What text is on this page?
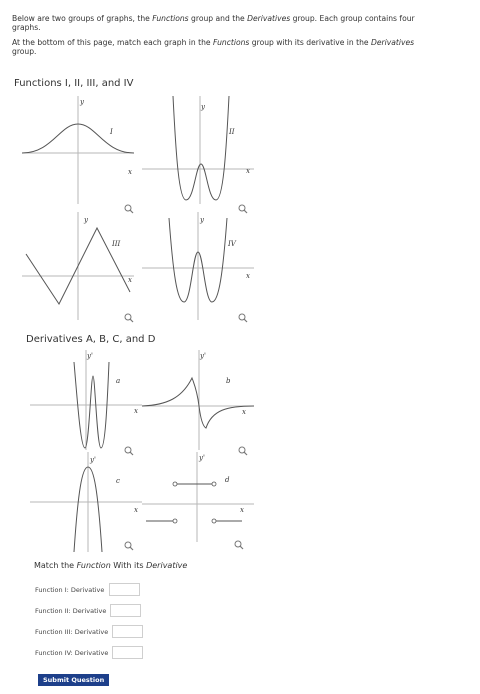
Below are two groups of graphs, the Functions group and the Derivatives group. Each group contains four graphs.

At the bottom of this page, match each graph in the Functions group with its derivative in the Derivatives group.

Functions I, II, III, and IV
y
I
x
y
II
x
y
III
x
y
IV
x
Derivatives A, B, C, and D
y'
a
x
y'
b
x
y'
c
x
y'
d
x
Match the Function With its Derivative
Function I: Derivative
Function II: Derivative
Function III: Derivative
Function IV: Derivative
Submit Question
